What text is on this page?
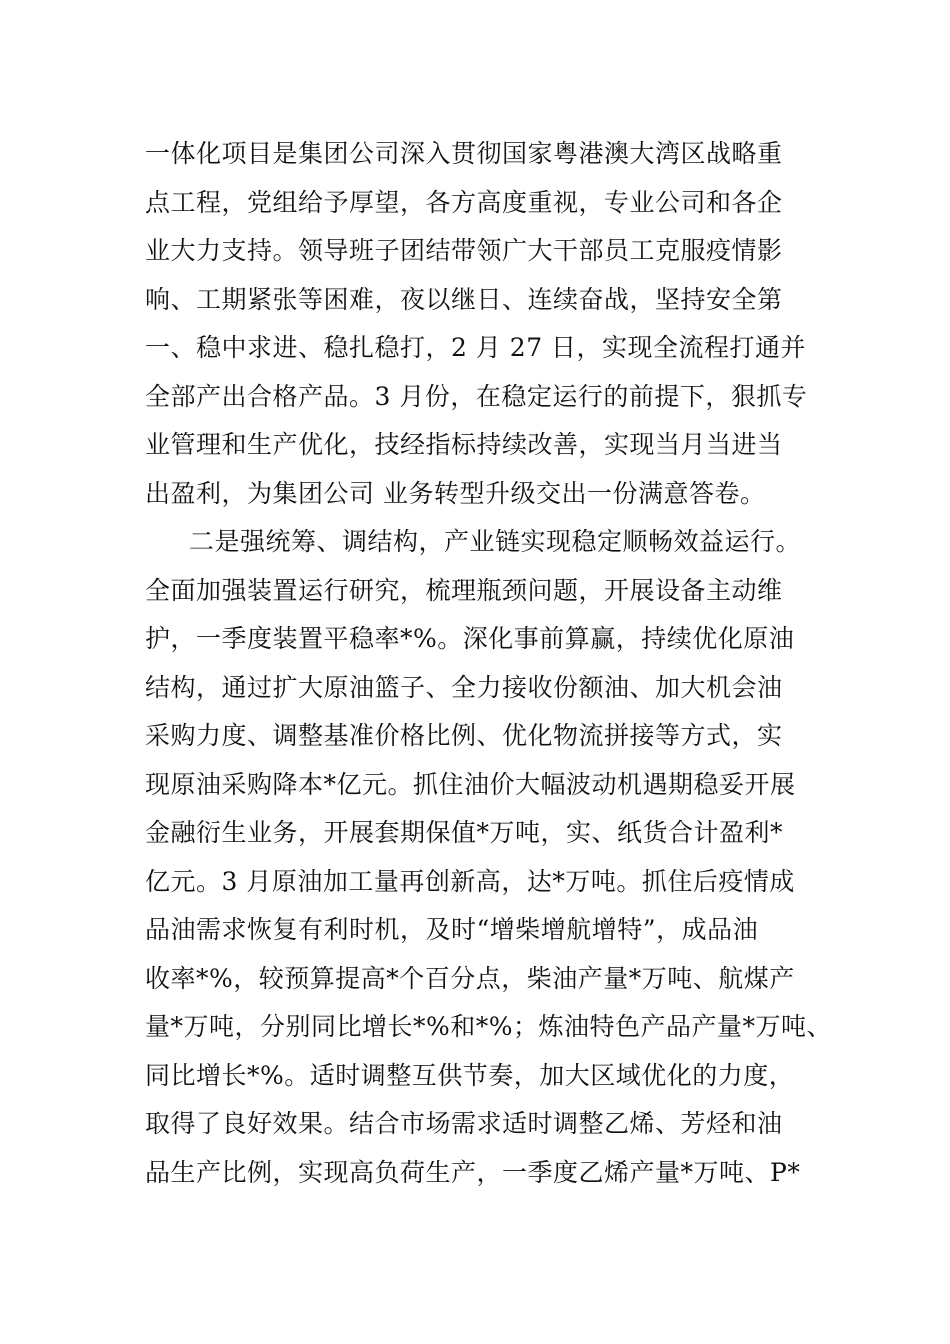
一体化项目是集团公司深入贯彻国家粤港澳大湾区战略重
点工程，党组给予厚望，各方高度重视，专业公司和各企
业大力支持。领导班子团结带领广大干部员工克服疫情影
响、工期紧张等困难，夜以继日、连续奋战，坚持安全第
一、稳中求进、稳扎稳打，2 月 27 日，实现全流程打通并
全部产出合格产品。3 月份，在稳定运行的前提下，狠抓专
业管理和生产优化，技经指标持续改善，实现当月当进当
出盈利，为集团公司 业务转型升级交出一份满意答卷。
二是强统筹、调结构，产业链实现稳定顺畅效益运行。
全面加强装置运行研究，梳理瓶颈问题，开展设备主动维
护，一季度装置平稳率*%。深化事前算赢，持续优化原油
结构，通过扩大原油篮子、全力接收份额油、加大机会油
采购力度、调整基准价格比例、优化物流拼接等方式，实
现原油采购降本*亿元。抓住油价大幅波动机遇期稳妥开展
金融衍生业务，开展套期保值*万吨，实、纸货合计盈利*
亿元。3 月原油加工量再创新高，达*万吨。抓住后疫情成
品油需求恢复有利时机，及时“增柴增航增特”，成品油
收率*%，较预算提高*个百分点，柴油产量*万吨、航煤产
量*万吨，分别同比增长*%和*%；炼油特色产品产量*万吨、
同比增长*%。适时调整互供节奏，加大区域优化的力度，
取得了良好效果。结合市场需求适时调整乙烯、芳烃和油
品生产比例，实现高负荷生产，一季度乙烯产量*万吨、P*
